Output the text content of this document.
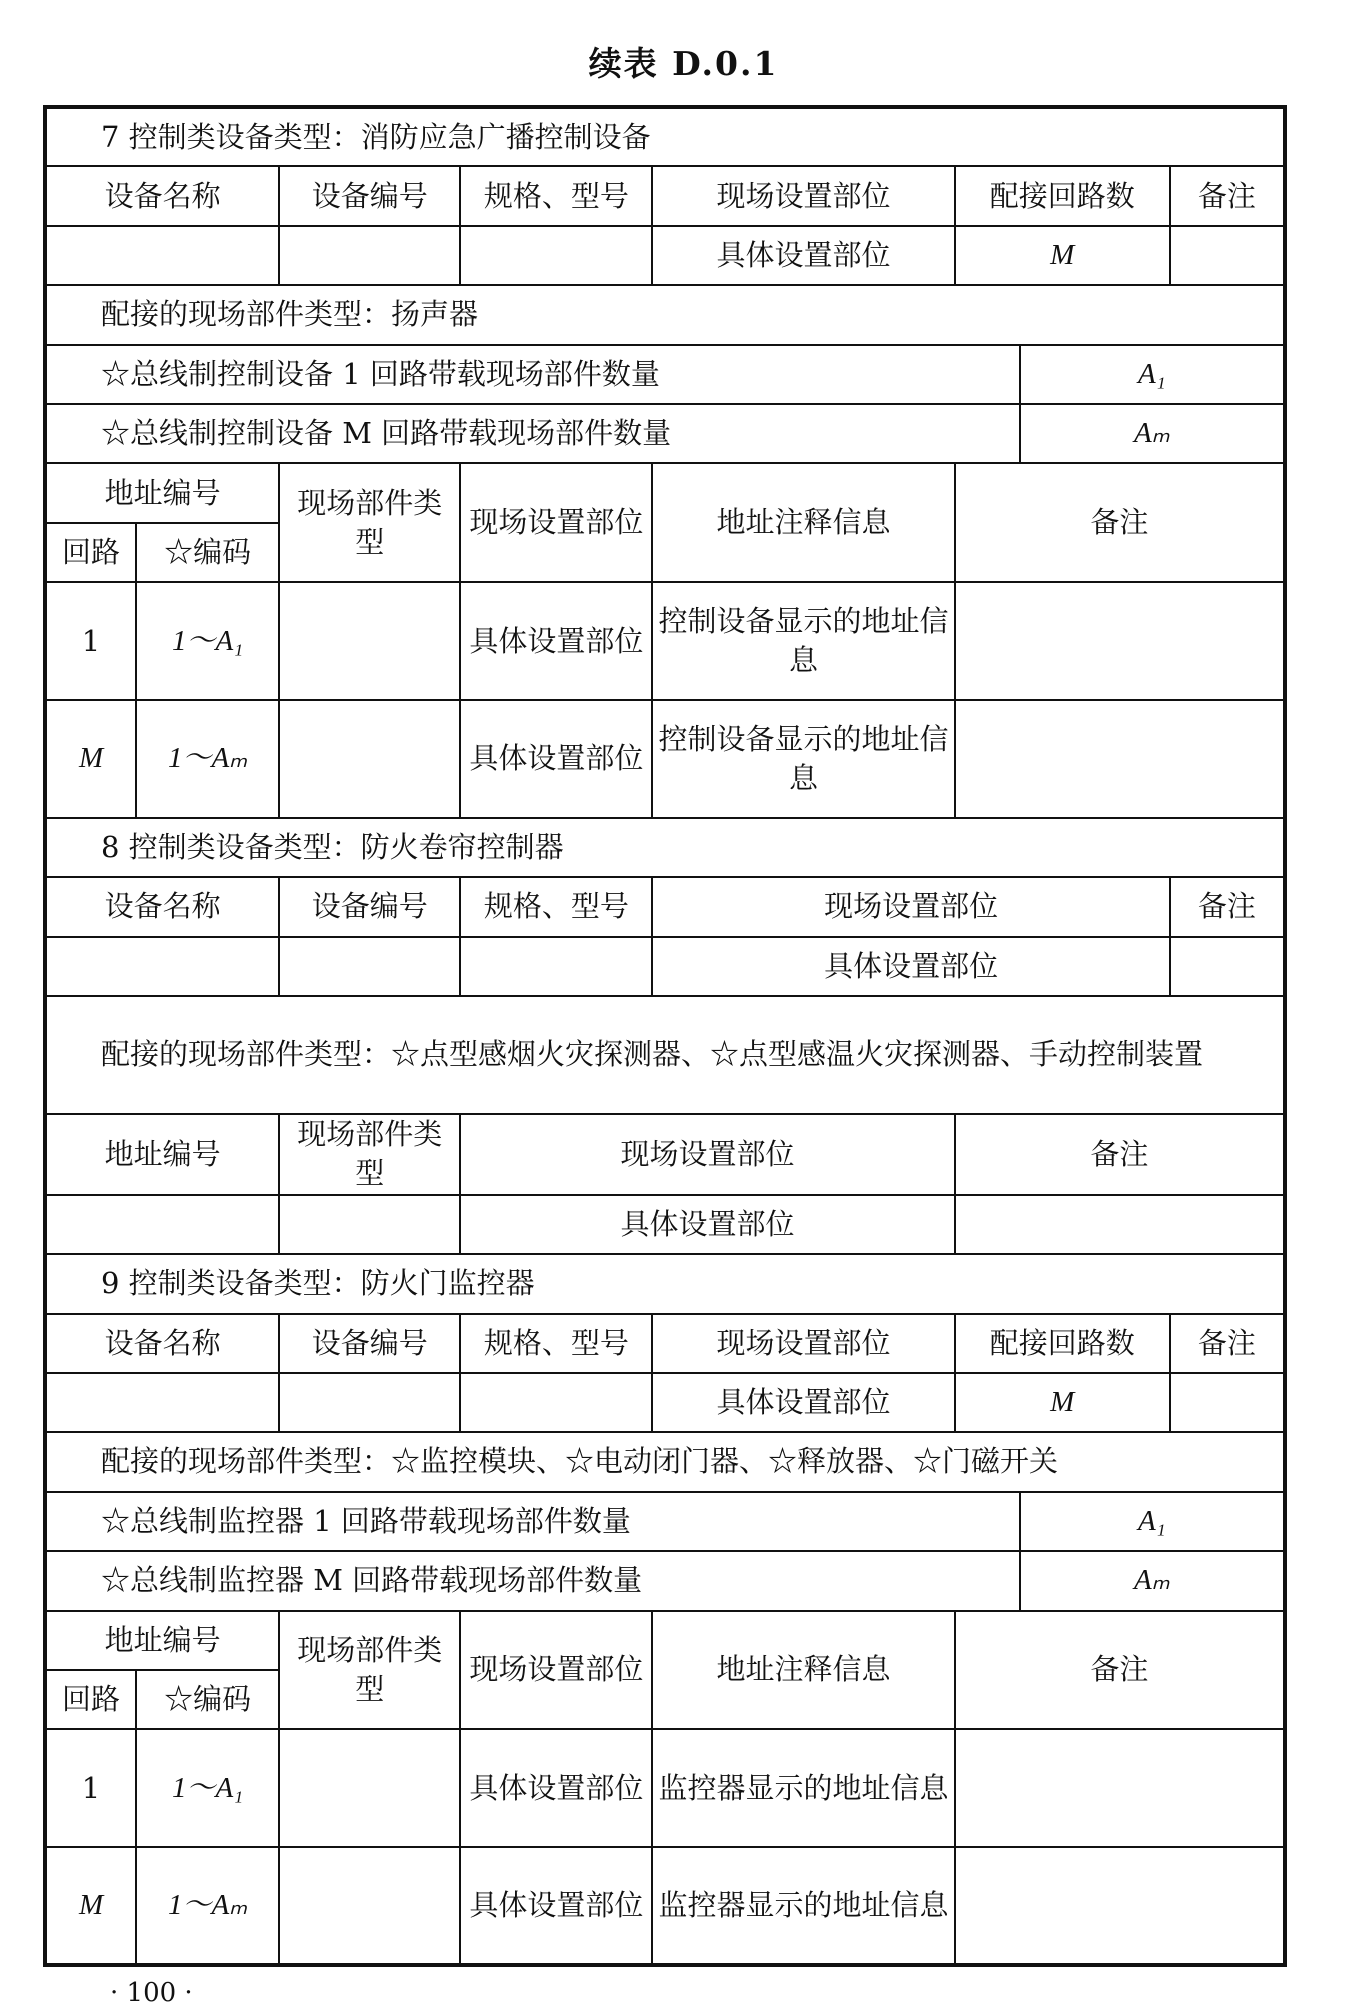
续表 D.0.1
7 控制类设备类型：消防应急广播控制设备							
设备名称		设备编号	规格、型号	现场设置部位	配接回路数		备注
				具体设置部位	M		
配接的现场部件类型：扬声器							
☆总线制控制设备 1 回路带载现场部件数量						A₁	
☆总线制控制设备 M 回路带载现场部件数量						Aₘ	
地址编号		现场部件类型	现场设置部位	地址注释信息	备注		
回路	☆编码						
1	1～A₁		具体设置部位	控制设备显示的地址信息			
M	1～Aₘ		具体设置部位	控制设备显示的地址信息			
8 控制类设备类型：防火卷帘控制器							
设备名称		设备编号	规格、型号	现场设置部位			备注
				具体设置部位			
配接的现场部件类型：☆点型感烟火灾探测器、☆点型感温火灾探测器、手动控制装置							
地址编号		现场部件类型	现场设置部位		备注		
			具体设置部位				
9 控制类设备类型：防火门监控器							
设备名称		设备编号	规格、型号	现场设置部位	配接回路数		备注
				具体设置部位	M		
配接的现场部件类型：☆监控模块、☆电动闭门器、☆释放器、☆门磁开关							
☆总线制监控器 1 回路带载现场部件数量						A₁	
☆总线制监控器 M 回路带载现场部件数量						Aₘ	
地址编号		现场部件类型	现场设置部位	地址注释信息	备注		
回路	☆编码						
1	1～A₁		具体设置部位	监控器显示的地址信息			
M	1～Aₘ		具体设置部位	监控器显示的地址信息			
· 100 ·
